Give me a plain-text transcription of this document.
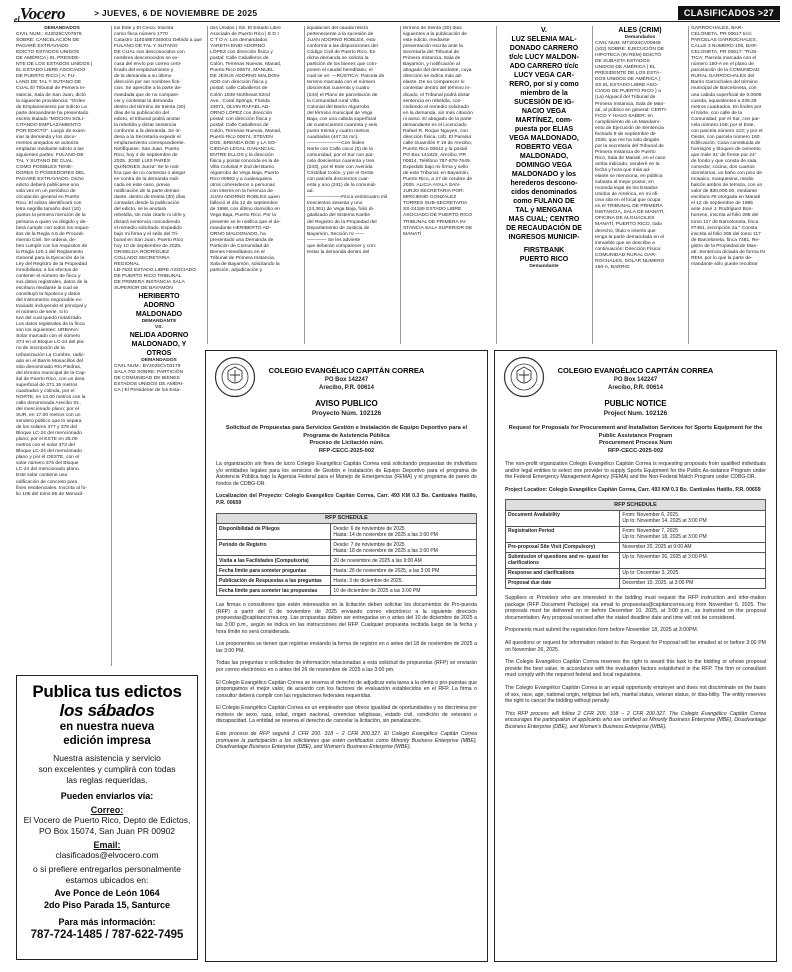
elVocero	> JUEVES, 6 DE NOVIEMBRE DE 2025	CLASIFICADOS >27

DEMANDADOS

CIVIL NUM.: SJ2025CV07678

SOBRE: CANCELACIÓN DE

PAGARÉ EXTRAVIADO

EDICTO ESTADOS UNIDOS

DE AMÉRICA | EL PRESIDE-

NTE DE LOS ESTADOS UNIDOS |

EL ESTADO LIBRE ASOCIADO

DE PUERTO RICO | A: FU-

LANO DE TAL Y SUTANO DE

CUAL El Tribunal de Primera In-

stancia, Sala de San Juan, dictó

la siguiente providencia: "Orden

de Emplazamiento por Edicto La

parte demandante ha presentado

escrito titulado "MOCION SOLI-

CITANDO EMPLAZAMIENTO

POR EDICTO". Luego de exam-

inar la demanda y los docu-

mentos anejados se autoriza

emplazar mediante edicto a las

siguientes partes: FULANO DE

TAL Y SUTANO DE CUAL

COMO POSIBLES TENE-

DORES O POSEEDORES DEL

PAGARÉ EXTRAVIADO. Dicho

edicto deberá publicarse una

sola vez en un periódico de

circulación general en Puerto

Rico. El edicto identificará con

letra negrilla tamaño diez (10)

puntos la primera mención de la

persona a quien va dirigido y de-

berá cumplir con todos los requis-

itos de la Regla 4.6 de Procedi-

miento Civil. Se ordena, de-

ben cumplir con los requisitos de

la Regla 120.1 del Reglamento

General para la Ejecución de la

Ley del Registro de la Propiedad

Inmobiliaria; a los efectos de

contener el número de finca y

sus datos registrales, datos de la

escritura mediante la cual se

constituyó la hipoteca y datos

del instrumento negociable ex-

traviado incluyendo el principal y

el número de serie, si lo

tuvi del cual quedó notarizado.

Los datos registrales de la finca

son los siguientes: URBANA:

Solar marcado con el número

374 en el Bloque LC-24 del pla-

no de inscripción de la

Urbanización La Cumbre, radic-

ado en el Barrio Monacillos del

sitio denominado Río Piedras,

del término municipal de la Cap-

ital de Puerto Rico, con un área

superficial de 371.16 metros

cuadrados y colinda, por el

NORTE, en 13.00 metros con la

calle denominada Arecibo St.,

del mencionado plano; por el

SUR, en 17.00 metros con un

sendero público que lo separa

de los solares 377 y 378 del

Bloque LC-24 del mencionado

plano; por el ESTE en 25.00

metros con el solar 373 del

Bloque LC-24 del mencionado

plano y por el OESTE, con el

solar número 375 del Bloque

LC-24 del mencionado plano.

Este solar contiene una

edificación de concreto para

fines residenciales. Inscrita al fo-

lio 106 del tomo 85 de Monacil-

los Este y El Cinco. Inscrita

como finca número 1770

Catastro 11404857340001 Debido a que

FULANO DE TAL Y SUTANO

DE CUAL son desconocidos con

nombres desconocidos se ex-

cusa del envío por correo certi-

ficado del emplazamiento y

de la demanda a su último

dirección por ser nombres ficti-

cios. Se apercibe a la parte de-

mandada que de no compare-

cer y contestar la demanda

dentro del término de treinta (30)

días de la publicación del

edicto, el tribunal podrá anotar

la rebeldía y dictar sentencia

conforme a la demanda. Se or-

dena a la Secretaría expedir el

emplazamiento correspondiente.

Notifíquese. San Juan, Puerto

Rico, hoy 4 de septiembre de

2025. JOSÉ LUIS PARÉS

QUIÑONES Jueza" Se le noti-

fica que de no contestar o alegar

en contra de la demanda radi-

cada en este caso, previa

notificación de la parte deman-

dante, dentro de treinta (30) días

contados desde la publicación

del edicto, se le anotará

rebeldía, sin más citarle ni oírle y

dictará sentencia concediendo

el remedio solicitado. Expedido

bajo mi firma y el sello del Tri-

bunal en San Juan, Puerto Rico

hoy 10 de septiembre de 2025.

GRISELDA RODRÍGUEZ

COLLADO SECRETARIA

REGIONAL.

LB-7533 ESTADO LIBRE ASOCIADO

DE PUERTO RICO TRIBUNAL

DE PRIMERA INSTANCIA SALA

SUPERIOR DE BAYAMÓN

HERIBERTO

ADORNO

MALDONADO

DEMANDANTE

VS.

NELIDA ADORNO

MALDONADO, Y

OTROS

DEMANDADOS

CIVIL NUM.: BY2025CV03179

SALA 702 SOBRE: PARTICIÓN

DE COMUNIDAD DE BIENES

ESTADOS UNIDOS DE AMÉRI-

CA | El Presidente de los Esta-

dos Unidos | SS. El Estado Libre

Asociado de Puerto Rico | E D I

C T O A: Los demandados

YARETH ENID ADORNO

LÓPEZ con dirección física y

postal: Calle Caballeros de

Colón, Terrenas Nuevas, Manatí,

Puerto Rico 00674, MANUEL

DE JESÚS ADORNO MALDON-

ADO con dirección física y

postal: calle Caballeros de

Colón 1849 Northeast 82nd

Ave., Coral Springs, Florida

33071, OLVIN RAFAEL AD-

ORNO LÓPEZ con dirección

postal: con dirección física y

postal: Calle Caballeros de

Colón, Terrenas Nuevas, Manatí,

Puerto Rico 00674, STEVEN

DOE, BRENDA DOE y LA SO-

CIEDAD LEGAL GANANCIAL

ENTRE ELLOS y la dirección

física y postal conocida es la de

Villa Colonial # 2nd del Barrio

Algarrobo de Vega Baja, Puerto

Rico 00693 y a cualesquiera

otros coherederos o personas

con interés en la herencia de

JUAN ADORNO ROBLES quien

falleció el día 12 de septiembre

de 1998, con último domicilio en

Vega Baja, Puerto Rico. Por la

presente se le notifica que el de-

mandante HERIBERTO AD-

ORNO MALDONADO, ha

presentado una Demanda de

Partición de Comunidad de

Bienes Hereditarios en el

Tribunal de Primera Instancia,

Sala de Bayamón, solicitando la

partición, adjudicación y

liquidación del caudal relicto

perteneciente a la sucesión de

JUAN ADORNO ROBLES, esto

conforme a las disposiciones del

Código Civil de Puerto Rico. En

dicha demanda se solicita la

partición de los bienes que com-

ponen el caudal hereditario, el

cual se ve: —RÚSTICA: Parcela de

terreno marcada con el número

doscientos cuarenta y cuatro

(244) el Plano de parcelación de

la Comunidad rural Villa

Colonial del Barrio Algarrobo

del término municipal de Vega

Baja, con una cabida superficial

de cuatrocientos cuarenta y seis

punto treinta y cuatro metros

cuadrados (447.34 mc).

———————Con lindes

Norte con Calle cinco (5) de la

comunidad, por el Sur con par-

cela doscientos cuarenta y tres

(243), por el Este con Avenida

Cristóbal Colón, y por el Oeste

con parcela doscientos cuar-

enta y uno (241) de la comunid-

ad.

———————Finca veinticuatro mil

trescientos sesenta y uno

(24,361) de Vega Baja, folio di-

gitalizado del Sistema Karibe

del Registro de la Propiedad del

Departamento de Justicia de

Bayamón, Sección IV.——

———— Se les advierte

que deberán comparecer y con-

testar la demanda dentro del

término de treinta (30) días

siguientes a la publicación de

este edicto, mediante

presentación escrita ante la

Secretaría del Tribunal de

Primera Instancia, Sala de

Bayamón, y notificación al

abogado del demandante, cuya

dirección se indica más ad-

elante. De no comparecer ni

contestar dentro del término in-

dicado, el Tribunal podrá dictar

sentencia en rebeldía, con-

cediendo el remedio solicitado

en la demanda, sin más citación

ni aviso. El abogado de la parte

demandante es el Licenciado

Rafael R. Roque Nguyen, con

dirección física, Urb. El Paraíso

calle Guamilón # 19 de Arecibo,

Puerto Rico 00612 y la postal

PO Box 141823, Arecibo, PR

00614. Teléfono 787-878-7649.

Expedido bajo mi firma y sello

de este Tribunal, en Bayamón,

Puerto Rico, a 27 de octubre de

2025. ALICIA AYALA SAN-

JURJO SECRETARIA POR:

MIRCIENID GONZALEZ

TORRES SUB-SECRETARIA

SS-24189 ESTADO LIBRE

ASOCIADO DE PUERTO RICO

TRIBUNAL DE PRIMERA IN-

STANCIA SALA SUPERIOR DE

MANATÍ

V.

LUZ SELENIA MAL-

DONADO CARRERO

t/c/c LUCY MALDON-

ADO CARRERO t/c/c

LUCY VEGA CAR-

RERO, por sí y como

miembro de la

SUCESIÓN DE IG-

NACIO VEGA

MARTÍNEZ, com-

puesta por ELIAS

VEGA MALDONADO,

ROBERTO VEGA

MALDONADO,

DOMINGO VEGA

MALDONADO y los

herederos descono-

cidos denominados

como FULANO DE

TAL y MENGANA

MAS CUAL; CENTRO

DE RECAUDACIÓN DE

INGRESOS MUNICIP-

FIRSTBANK

PUERTO RICO

Demandante

ALES (CRIM)

Demandados

CIVIL NUM. MT2024CV00848

(102) SOBRE: EJECUCIÓN DE

HIPOTECA (IN REM) EDICTO

DE SUBASTA ESTADOS

UNIDOS DE AMÉRICA } EL

PRESIDENTE DE LOS ESTA-

DOS UNIDOS DE AMÉRICA }

SS EL ESTADO LIBRE ASO-

CIADO DE PUERTO RICO } a

(La) Alguacil del Tribunal de

Primera Instancia, Sala de Man-

atí, al público en general: CERTI-

FICO Y HAGO SABER: en

cumplimiento de un Mandami-

ento de Ejecución de Sentencia

fechado 9 de septiembre de

2025, que me ha sido dirigido

por la secretaría del Tribunal de

Primera Instancia de Puerto

Rico, Sala de Manatí, en el caso

arriba indicado, venderé en la

fecha y hora que más ad-

elante se menciona, en pública

subasta al mejor postor, en

moneda legal de los Estados

Unidos de América, en mi ofi-

cina sita en el local que ocupa

en el TRIBUNAL DE PRIMERA

INSTANCIA, SALA DE MANATÍ,

OFICINA DE ALGUACILES

MANATÍ, PUERTO RICO, todo

derecho, título e interés que

tenga la parte demandada en el

inmueble que se describe a

continuación: Dirección Física:

COMUNIDAD RURAL GAR-

ROCHALES, SOLAR NUMERO

160-A, BARRIO

GARROCHALES, BAR-

CELONETA, PR 00617 t/c/c

PARCELAS GARROCHALES,

CALLE 3 NUMERO 105, BAR-

CELONETA, PR 00617: "RÚS-

TICA: Parcela marcada con el

número 160-A en el plano de

parcelación de la COMUNIDAD

RURAL GARROCHALES del

Barrio Garrochales del término

municipal de Barceloneta, con

una cabida superficial de 0.0609

cuerda, equivalentes a 239.29

metros cuadrados. En lindes por

el Norte, con calle de la

Comunidad; por el Sur, con par-

cela número 159; por el Este,

con parcela número 123; y por el

Oeste, con parcela número 160.

Edificación: Casa constituida de

hormigón y bloques de cemento

que mide 31' de frente por 24'

de fondo y que consta de sala,

comedor, cocina, dos cuartos

dormitorios, un baño con piso de

mosaico, marquesina, medio

balcón ambos de terraza, con un

valor de $30,000.00, mediante

escritura #6 otorgada en Manatí

el 12 de septiembre de 1995

ante José J. Rodríguez Bon-

homme, inscrita al folio 265 del

tomo 117 de Barceloneta, finca

#7481, inscripción 2a." Consta

inscrita al folio 265 del tomo 117

de Barceloneta, finca 7481, Re-

gistro de la Propiedad de Man-

atí. Sentencia dictada de forma IN

REM, por lo que la parte de-

mandante sólo puede recobrar

Publica tus edictos
los sábados
en nuestra nueva
edición impresa
Nuestra asistencia y servicio
son excelentes y cumplirá con todas
las reglas requeridas.
Pueden enviarlos vía:
Correo:
El Vocero de Puerto Rico, Depto de Edictos,
PO Box 15074, San Juan PR 00902
Email:
clasificados@elvocero.com
o si prefiere entregarlos personalmente
estamos ubicados en:
Ave Ponce de León 1064
2do Piso Parada 15, Santurce
Para más información:
787-724-1485 / 787-622-7495
COLEGIO EVANGÉLICO CAPITÁN CORREA
PO Box 142247
Arecibo, P.R. 00614
AVISO PUBLICO
Proyecto Núm. 102126
Solicitud de Propuestas para Servicios Gestión e Instalación de Equipo Deportivo para el Programa de Asistencia Pública
Proceso de Licitación núm.
RFP-CECC-2025-002
La organización sin fines de lucro Colegio Evangélico Capitán Correa está solicitando propuestas de individuos y/o entidades legales para los servicios de Gestión e Instalación de Equipo Deportivo para el programa de Asistencia Pública bajo la Agencia Federal para el Manejo de Emergencias (FEMA) y el programa de pareo de fondos de CDBG-DR.
Localización del Proyecto: Colegio Evangélico Capitán Correa, Carr. 493 KM 0.3 Bo. Cantizales Hatillo, P.R. 00659
RFP SCHEDULE	
Disponibilidad de Pliegos	Desde: 6 de noviembre de 2025
Hasta: 14 de noviembre de 2025 a las 3:00 PM

Período de Registro	Desde: 7 de noviembre de 2025
Hasta: 18 de noviembre de 2025 a las 3:00 PM

Visita a las Facilidades (Compulsoria)	20 de noviembre de 2025 a las 9:00 AM

Fecha límite para someter preguntas	Hasta: 26 de noviembre de 2025, a las 3:00 PM

Publicación de Respuestas a las preguntas	Hasta: 3 de diciembre de 2025.

Fecha límite para someter las propuestas	10 de diciembre de 2025 a las 3:00 PM
Las firmas o consultores que estén interesados en la licitación deben solicitar los documentos de Pro-puesta (RFP) a partir del 6 de noviembre de 2025 enviando correo electrónico a la siguiente dirección propuestas@capitancorrea.org. Las propuestas deben ser entregadas en o antes del 10 de diciembre de 2025 a las 3:00 p.m., según se indica en las instrucciones del RFP. Cualquier propuesta recibida luego de la fecha y hora límite no será considerada.
Los proponentes se tienen que registrar enviando la forma de registro en o antes del 18 de noviembre de 2025 a las 3:00 PM.
Todas las preguntas o solicitudes de información relacionadas a esta solicitud de propuestas (RFP) se enviarán por correo electrónico en o antes del 26 de noviembre de 2025 a las 3:00 pm.
El Colegio Evangélico Capitán Correa se reserva el derecho de adjudicar esta tarea a la oferta o pro-puestas que propongamos el mejor valor, de acuerdo con los factores de evaluación establecidos en el RFP. La firma o consultor deberá cumplir con las regulaciones federales requeridas.
El Colegio Evangélico Capitán Correa es un empleador que ofrece igualdad de oportunidades y no discrimina por motivos de sexo, raza, edad, origen nacional, creencias religiosas, estado civil, condición de veterano o discapacidad. La entidad se reserva el derecho de cancelar la licitación, sin penalización.
Este proceso de RFP seguirá 2 CFR 200. 318 – 2 CFR 200.327. El Colegio Evangélico Capitán Correa promueve la participación a los solicitantes que estén certificados como Minority Business Enterprise (MBE), Disadvantage Business Enterprise (DBE), and Women's Business Enterprise (WBE).
COLEGIO EVANGÉLICO CAPITÁN CORREA
PO Box 142247
Arecibo, P.R. 00614
PUBLIC NOTICE
Project Num. 102126
Request for Proposals for Procurement and Installation Services for Sports Equipment for the Public Assistance Program
Procurement Process Num
RFP-CECC-2025-002
The non-profit organization Colegio Evangélico Capitán Correa is requesting proposals from qualified individuals and/or legal entities to select one provider to supply Sports Equipment for the Public As-sistance Program under the Federal Emergency Management Agency (FEMA) and the Non-Federal Match Program under CDBG-DR.
Project Location: Colegio Evangélico Capitán Correa, Carr. 493 KM 0.3 Bo. Cantizales Hatillo, P.R. 00659
RFP SCHEDULE	
Document Availability	From: November 6, 2025.
Up to: November 14, 2025 at 3:00 PM

Registration Period	From: November 7, 2025
Up to: November 18, 2025 at 3:00 PM

Pre-proposal Site Visit (Compulsory)	November 20, 2025 at 9:00 AM

Submission of questions and re- quest for clarifications	Up to: November 26, 2025 at 3:00 PM.

Response and clarifications	Up to: December 3, 2025.

Proposal due date	December 10, 2025, at 3:00 PM
Suppliers or Providers who are interested in the bidding must request the RFP instruction and infor-mation package (RFP Document Package) via email to propuestas@capitancorrea.org from November 6, 2025. The proposals must be delivered on or before December 10, 2025, at 3:00 p.m., as instructed on the proposal documentation. Any proposal received after the stated deadline date and time will not be considered.
Proponents must submit the registration form before November 18, 2025 at 3:00PM.
All questions or request for information related to this Request for Proposal will be emailed at or before 3:00 PM on November 26, 2025.
The Colegio Evangélico Capitán Correa reserves the right to award this task to the bidding or whose proposal provide the best value, in accordance with the evaluation factors established in the RFP. The firm or consultant must comply with the required federal and local regulations.
The Colegio Evangélico Capitán Correa is an equal opportunity employer and does not discriminate on the basis of sex, race, age, national origin, religious bel iefs, marital status, veteran status, or disa-bility. The entity reserves the right to cancel the bidding without penalty.
This RFP process will follow 2 CFR 200. 318 – 2 CFR 200.327. The Colegio Evangélico Capitán Correa encourages the participation of applicants who are certified as Minority Business Enterprise (MBE), Disadvantage Business Enterprise (DBE), and Women's Business Enterprise (WBE).
